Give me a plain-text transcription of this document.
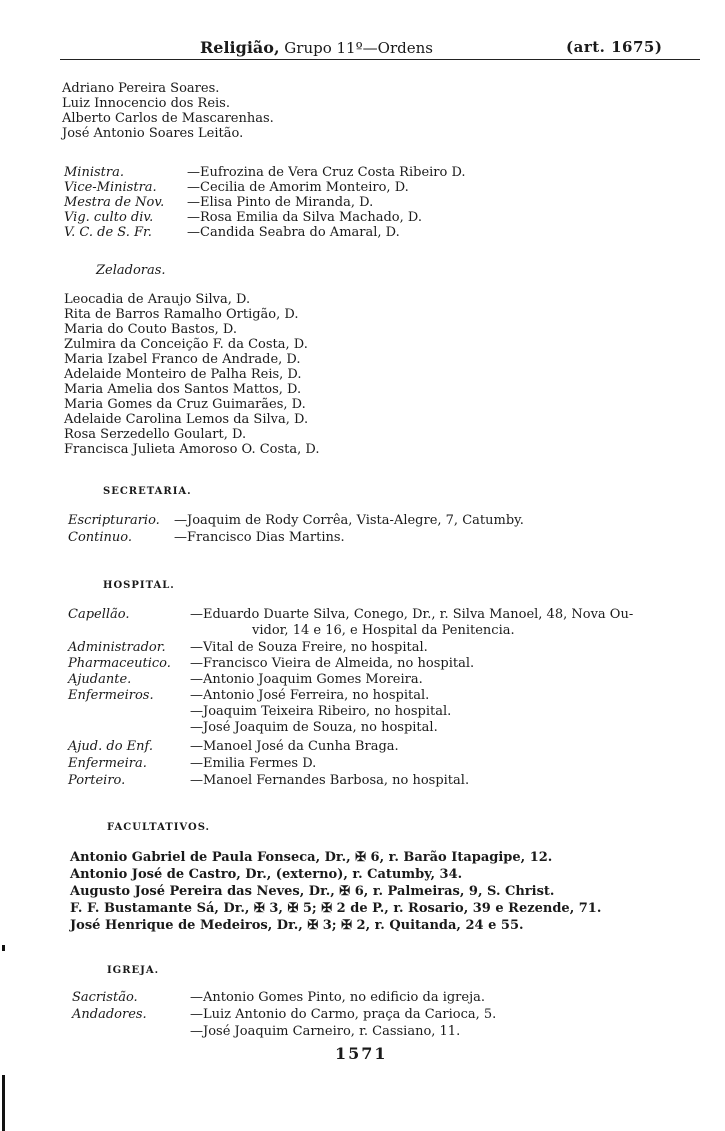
Religião, Grupo 11º—Ordens	(art. 1675)
Adriano Pereira Soares.
Luiz Innocencio dos Reis.
Alberto Carlos de Mascarenhas.
José Antonio Soares Leitão.
Ministra.	—Eufrozina de Vera Cruz Costa Ribeiro D.
Vice-Ministra. —Cecilia de Amorim Monteiro, D.
Mestra de Nov. —Elisa Pinto de Miranda, D.
Vig. culto div.	—Rosa Emilia da Silva Machado, D.
V. C. de S. Fr.	—Candida Seabra do Amaral, D.
Zeladoras.
Leocadia de Araujo Silva, D.
Rita de Barros Ramalho Ortigão, D.
Maria do Couto Bastos, D.
Zulmira da Conceição F. da Costa, D.
Maria Izabel Franco de Andrade, D.
Adelaide Monteiro de Palha Reis, D.
Maria Amelia dos Santos Mattos, D.
Maria Gomes da Cruz Guimarães, D.
Adelaide Carolina Lemos da Silva, D.
Rosa Serzedello Goulart, D.
Francisca Julieta Amoroso O. Costa, D.
SECRETARIA.
Escripturario. —Joaquim de Rody Corrêa, Vista-Alegre, 7, Catumby.
Continuo.	—Francisco Dias Martins.
HOSPITAL.
Capellão.	—Eduardo Duarte Silva, Conego, Dr., r. Silva Manoel, 48, Nova Ou-
vidor, 14 e 16, e Hospital da Penitencia.
Administrador. —Vital de Souza Freire, no hospital.
Pharmaceutico. —Francisco Vieira de Almeida, no hospital.
Ajudante.	—Antonio Joaquim Gomes Moreira.
Enfermeiros.	—Antonio José Ferreira, no hospital.
—Joaquim Teixeira Ribeiro, no hospital.
—José Joaquim de Souza, no hospital.
Ajud. do Enf.	—Manoel José da Cunha Braga.
Enfermeira.	—Emilia Fermes D.
Porteiro.	—Manoel Fernandes Barbosa, no hospital.
FACULTATIVOS.
Antonio Gabriel de Paula Fonseca, Dr., ✠ 6, r. Barão Itapagipe, 12.
Antonio José de Castro, Dr., (externo), r. Catumby, 34.
Augusto José Pereira das Neves, Dr., ✠ 6, r. Palmeiras, 9, S. Christ.
F. F. Bustamante Sá, Dr., ✠ 3, ✠ 5; ✠ 2 de P., r. Rosario, 39 e Rezende, 71.
José Henrique de Medeiros, Dr., ✠ 3; ✠ 2, r. Quitanda, 24 e 55.
IGREJA.
Sacristão.	—Antonio Gomes Pinto, no edificio da igreja.
Andadores.	—Luiz Antonio do Carmo, praça da Carioca, 5.
—José Joaquim Carneiro, r. Cassiano, 11.
1571
